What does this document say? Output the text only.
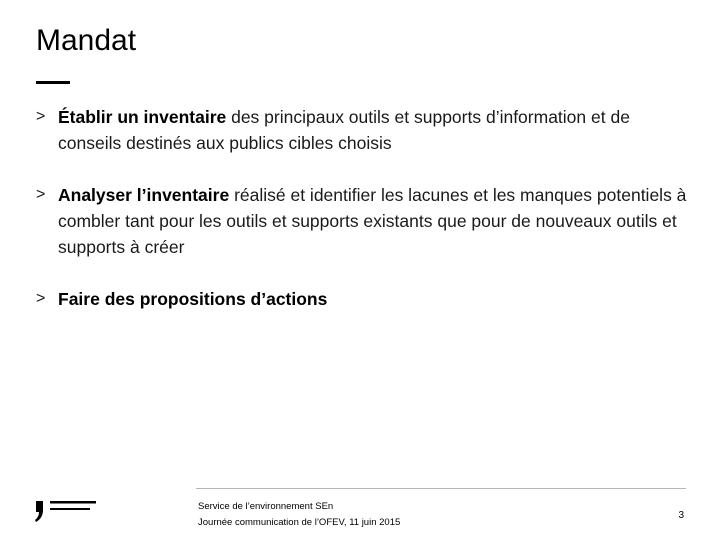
Mandat
> Établir un inventaire des principaux outils et supports d’information et de conseils destinés aux publics cibles choisis
> Analyser l’inventaire réalisé et identifier les lacunes et les manques potentiels à combler tant pour les outils et supports existants que pour de nouveaux outils et supports à créer
> Faire des propositions d’actions
Service de l’environnement SEn
Journée communication de l’OFEV, 11 juin 2015
3
